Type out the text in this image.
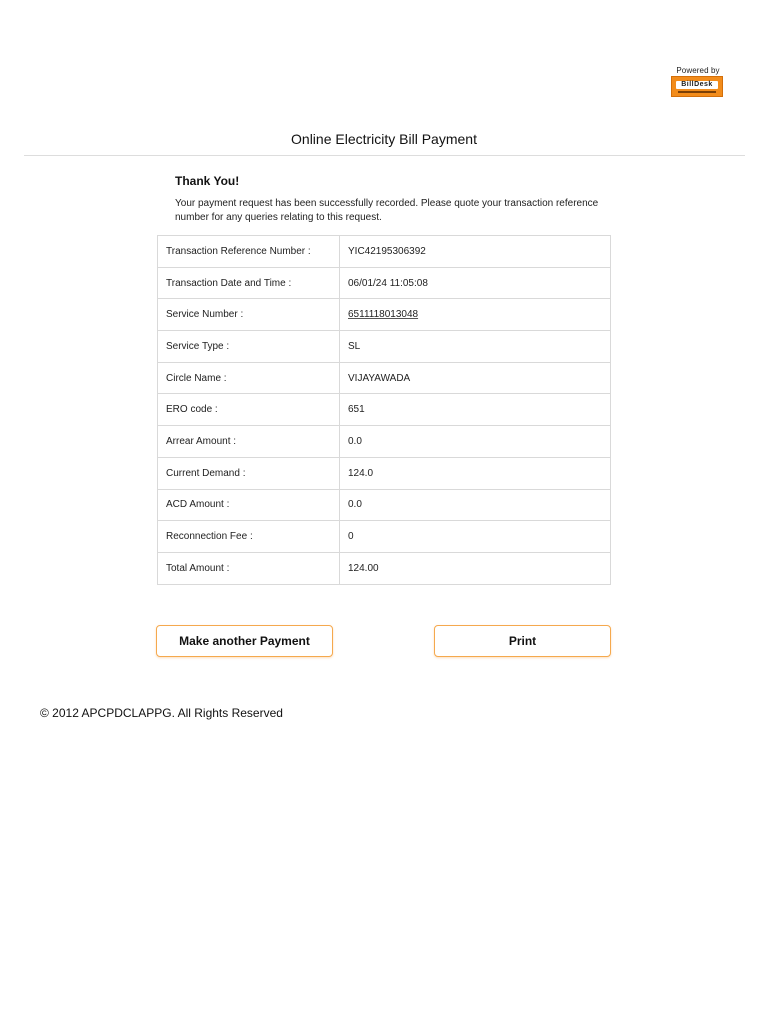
Powered by
BillDesk
Online Electricity Bill Payment
Thank You!
Your payment request has been successfully recorded. Please quote your transaction reference number for any queries relating to this request.
Transaction Reference Number :	YIC42195306392
Transaction Date and Time :	06/01/24 11:05:08
Service Number :	6511118013048
Service Type :	SL
Circle Name :	VIJAYAWADA
ERO code :	651
Arrear Amount :	0.0
Current Demand :	124.0
ACD Amount :	0.0
Reconnection Fee :	0
Total Amount :	124.00
Make another Payment	Print
© 2012 APCPDCLAPPG. All Rights Reserved
